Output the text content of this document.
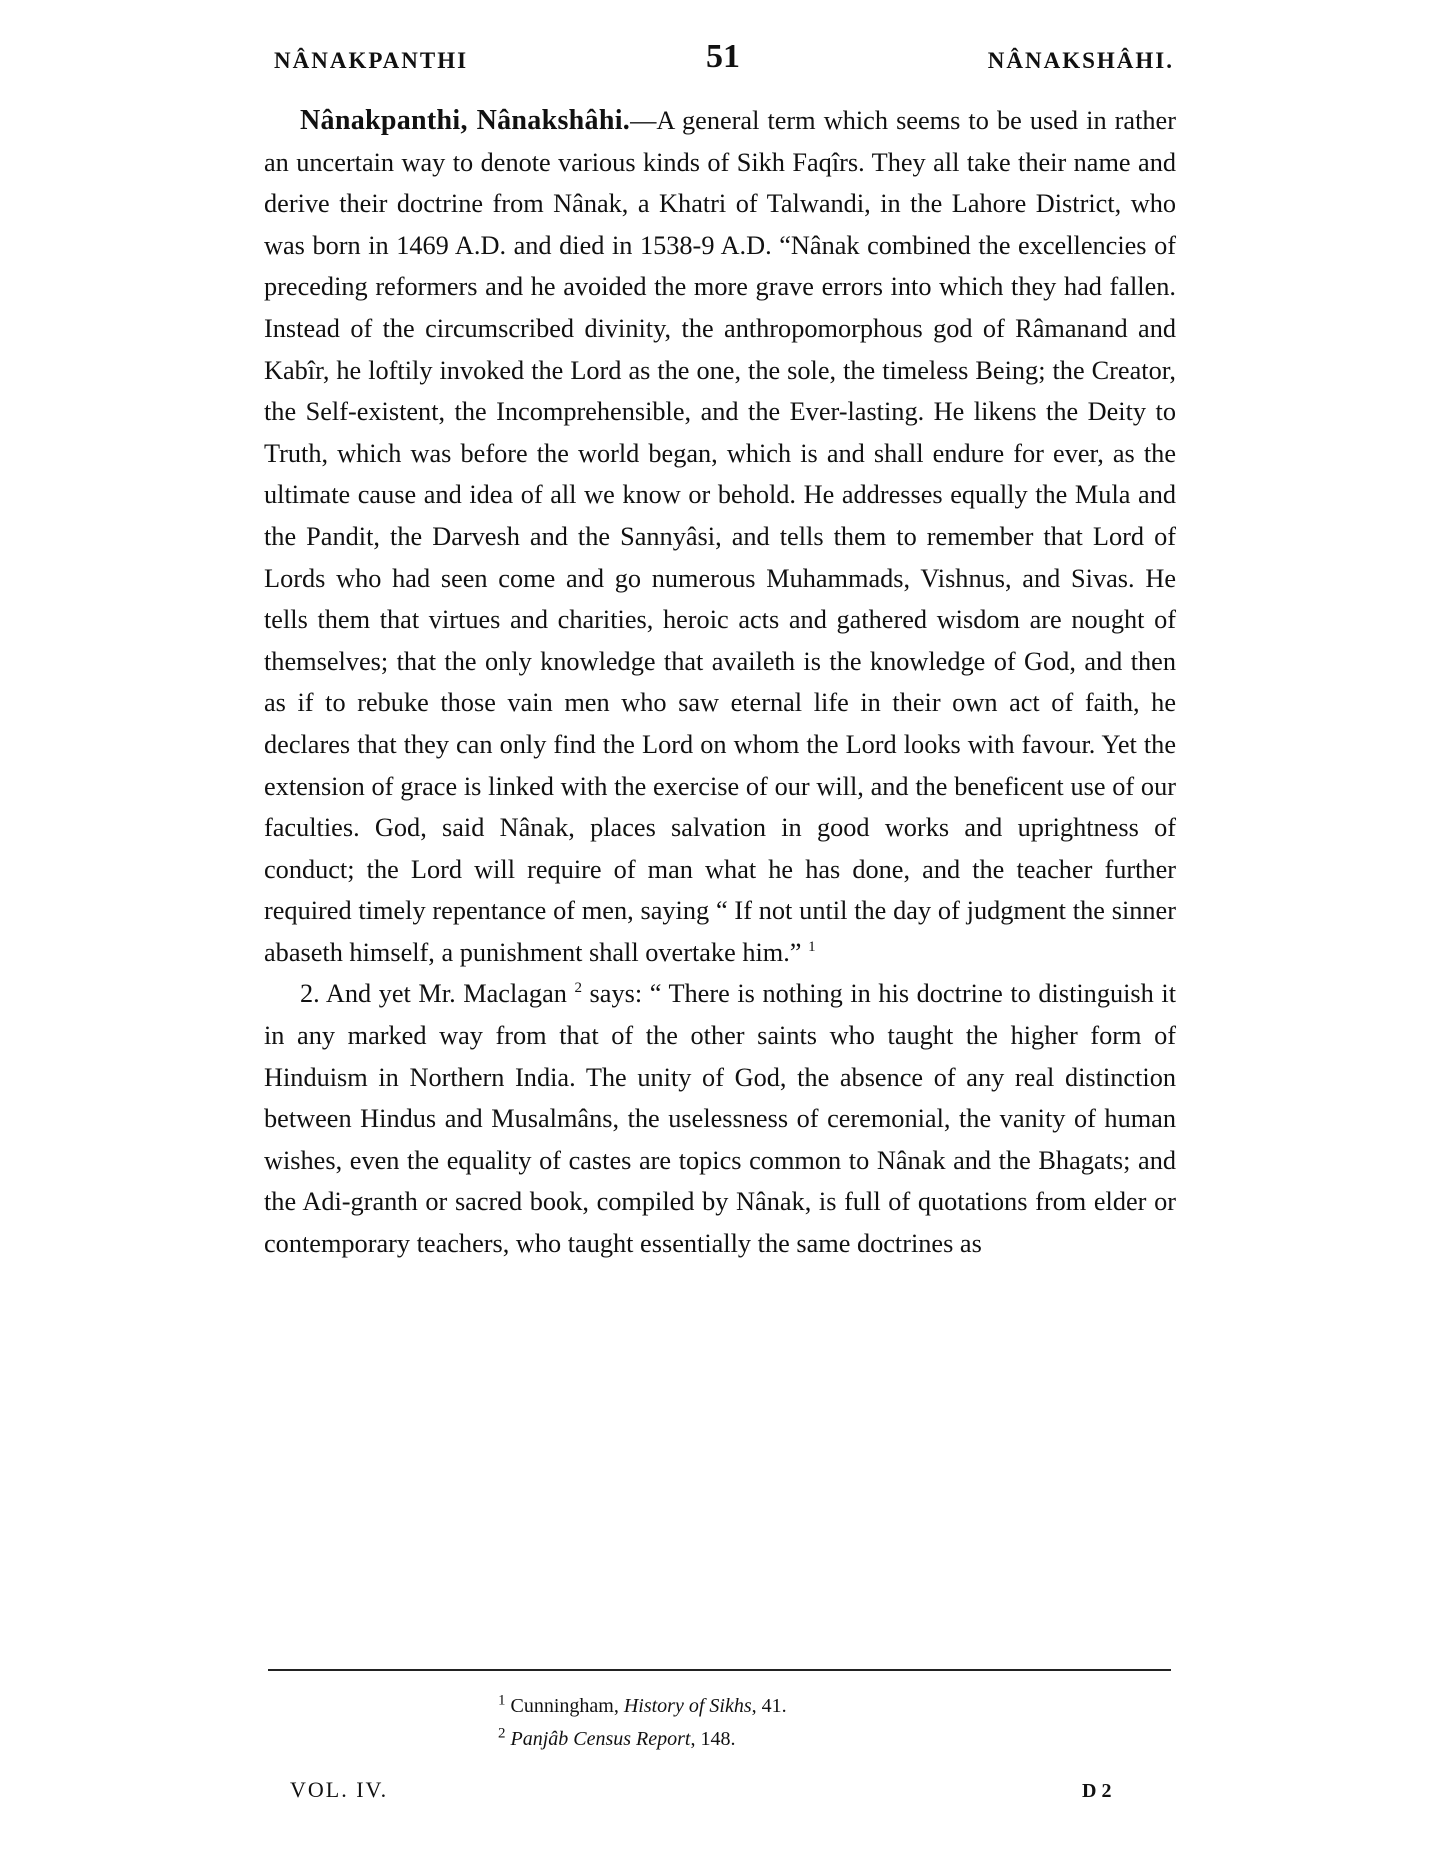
NÂNAKPANTHI	51	NÂNAKSHÂHI.

Nânakpanthi, Nânakshâhi.—A general term which seems to be used in rather an uncertain way to denote various kinds of Sikh Faqîrs. They all take their name and derive their doctrine from Nânak, a Khatri of Talwandi, in the Lahore District, who was born in 1469 A.D. and died in 1538-9 A.D. “Nânak combined the excellencies of preceding reformers and he avoided the more grave errors into which they had fallen. Instead of the circumscribed divinity, the anthropomorphous god of Râmanand and Kabîr, he loftily invoked the Lord as the one, the sole, the timeless Being; the Creator, the Self-existent, the Incomprehensible, and the Ever-lasting. He likens the Deity to Truth, which was before the world began, which is and shall endure for ever, as the ultimate cause and idea of all we know or behold. He addresses equally the Mula and the Pandit, the Darvesh and the Sannyâsi, and tells them to remember that Lord of Lords who had seen come and go numerous Muhammads, Vishnus, and Sivas. He tells them that virtues and charities, heroic acts and gathered wisdom are nought of themselves; that the only knowledge that availeth is the knowledge of God, and then as if to rebuke those vain men who saw eternal life in their own act of faith, he declares that they can only find the Lord on whom the Lord looks with favour. Yet the extension of grace is linked with the exercise of our will, and the beneficent use of our faculties. God, said Nânak, places salvation in good works and uprightness of conduct; the Lord will require of man what he has done, and the teacher further required timely repentance of men, saying “ If not until the day of judgment the sinner abaseth himself, a punishment shall overtake him.” $^1$

2. And yet Mr. Maclagan $^2$ says: “ There is nothing in his doctrine to distinguish it in any marked way from that of the other saints who taught the higher form of Hinduism in Northern India. The unity of God, the absence of any real distinction between Hindus and Musalmâns, the uselessness of ceremonial, the vanity of human wishes, even the equality of castes are topics common to Nânak and the Bhagats; and the Adi-granth or sacred book, compiled by Nânak, is full of quotations from elder or contemporary teachers, who taught essentially the same doctrines as

$^1$ Cunningham, History of Sikhs, 41.

$^2$ Panjâb Census Report, 148.

VOL. IV.	D 2
